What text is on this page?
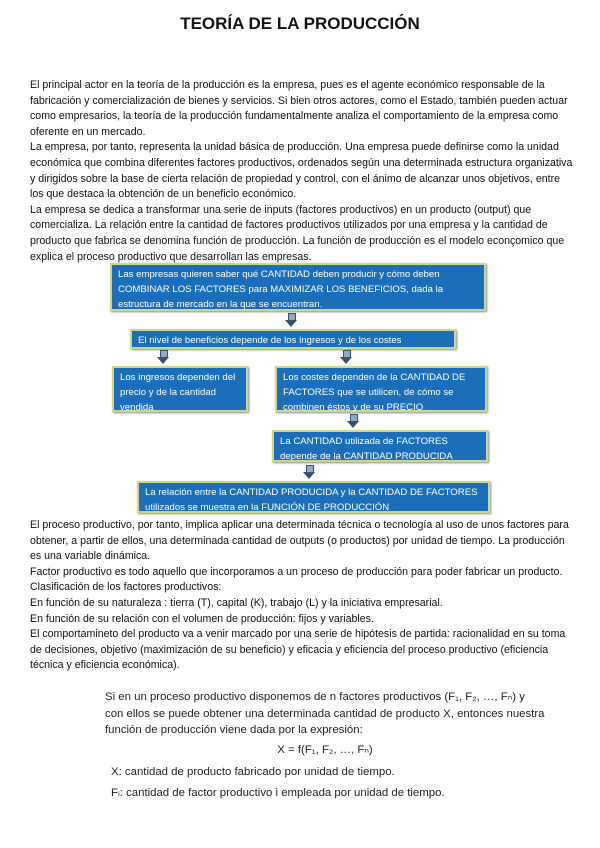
TEORÍA DE LA PRODUCCIÓN

El principal actor en la teoría de la producción es la empresa, pues es el agente económico responsable de la fabricación y comercialización de bienes y servicios. Si bien otros actores, como el Estado, también pueden actuar como empresarios, la teoría de la producción fundamentalmente analiza el comportamiento de la empresa como oferente en un mercado.

La empresa, por tanto, representa la unidad básica de producción. Una empresa puede definirse como la unidad económica que combina diferentes factores productivos, ordenados según una determinada estructura organizativa y dirigidos sobre la base de cierta relación de propiedad y control, con el ánimo de alcanzar unos objetivos, entre los que destaca la obtención de un beneficio económico.

La empresa se dedica a transformar una serie de inputs (factores productivos) en un producto (output) que comercializa. La relación entre la cantidad de factores productivos utilizados por una empresa y la cantidad de producto que fabrica se denomina función de producción. La función de producción es el modelo econçomico que explica el proceso productivo que desarrollan las empresas.

Las empresas quieren saber qué CANTIDAD deben producir y cómo deben COMBINAR LOS FACTORES para MAXIMIZAR LOS BENEFICIOS, dada la estructura de mercado en la que se encuentran.
El nivel de beneficios depende de los ingresos y de los costes
Los ingresos dependen del precio y de la cantidad vendida
Los costes dependen de la CANTIDAD DE FACTORES que se utilicen, de cómo se combinen éstos y de su PRECIO
La CANTIDAD utilizada de FACTORES depende de la CANTIDAD PRODUCIDA
La relación entre la CANTIDAD PRODUCIDA y la CANTIDAD DE FACTORES utilizados se muestra en la FUNCIÓN DE PRODUCCIÓN

El proceso productivo, por tanto, implica aplicar una determinada técnica o tecnología al uso de unos factores para obtener, a partir de ellos, una determinada cantidad de outputs (o productos) por unidad de tiempo. La producción es una variable dinámica.

Factor productivo es todo aquello que incorporamos a un proceso de producción para poder fabricar un producto.

Clasificación de los factores productivos:

En función de su naturaleza : tierra (T), capital (K), trabajo (L) y la iniciativa empresarial.

En función de su relación con el volumen de producción: fijos y variables.

El comportamineto del producto va a venir marcado por una serie de hipótesis de partida: racionalidad en su toma de decisiones, objetivo (maximización de su beneficio) y eficacia y eficiencia del proceso productivo (eficiencia técnica y eficiencia económica).

Si en un proceso productivo disponemos de n factores productivos (F₁, F₂, …, Fₙ) y con ellos se puede obtener una determinada cantidad de producto X, entonces nuestra función de producción viene dada por la expresión:

X = f(F₁, F₂, …, Fₙ)

X: cantidad de producto fabricado por unidad de tiempo.

Fᵢ: cantidad de factor productivo i empleada por unidad de tiempo.
